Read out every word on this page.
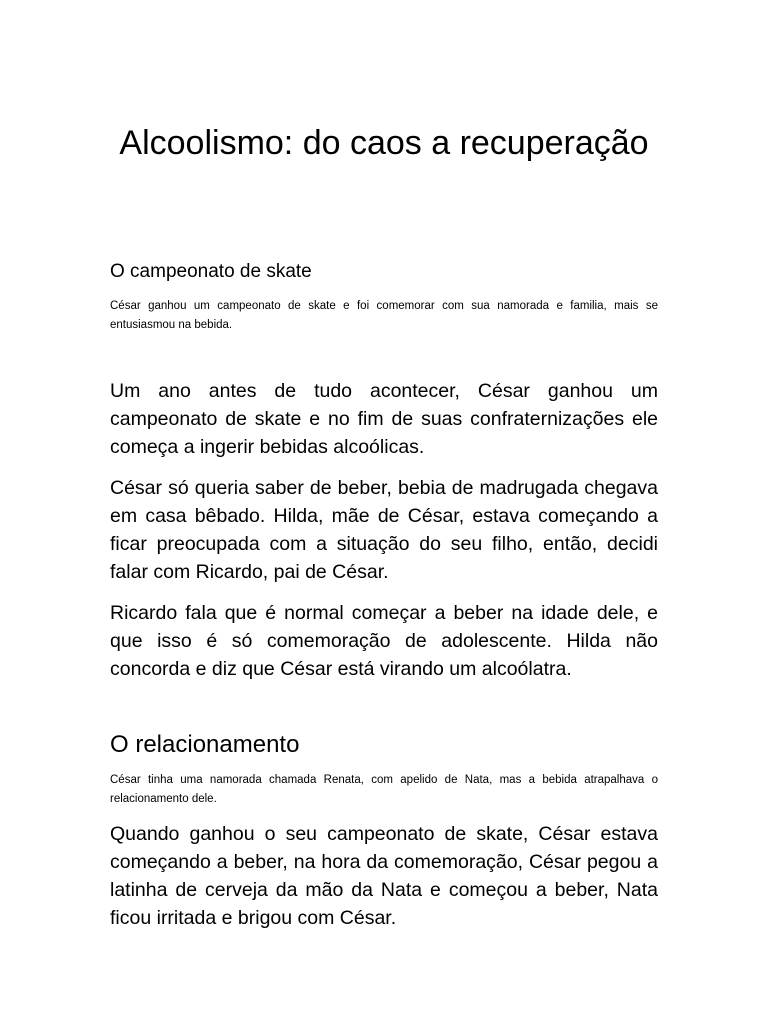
Alcoolismo: do caos a recuperação
O campeonato de skate

César ganhou um campeonato de skate e foi comemorar com sua namorada e familia, mais se entusiasmou na bebida.

Um ano antes de tudo acontecer, César ganhou um campeonato de skate e no fim de suas confraternizações ele começa a ingerir bebidas alcoólicas.

César só queria saber de beber, bebia de madrugada chegava em casa bêbado. Hilda, mãe de César, estava começando a ficar preocupada com a situação do seu filho, então, decidi falar com Ricardo, pai de César.

Ricardo fala que é normal começar a beber na idade dele, e que isso é só comemoração de adolescente. Hilda não concorda e diz que César está virando um alcoólatra.

O relacionamento

César tinha uma namorada chamada Renata, com apelido de Nata, mas a bebida atrapalhava o relacionamento dele.

Quando ganhou o seu campeonato de skate, César estava começando a beber, na hora da comemoração, César pegou a latinha de cerveja da mão da Nata e começou a beber, Nata ficou irritada e brigou com César.
